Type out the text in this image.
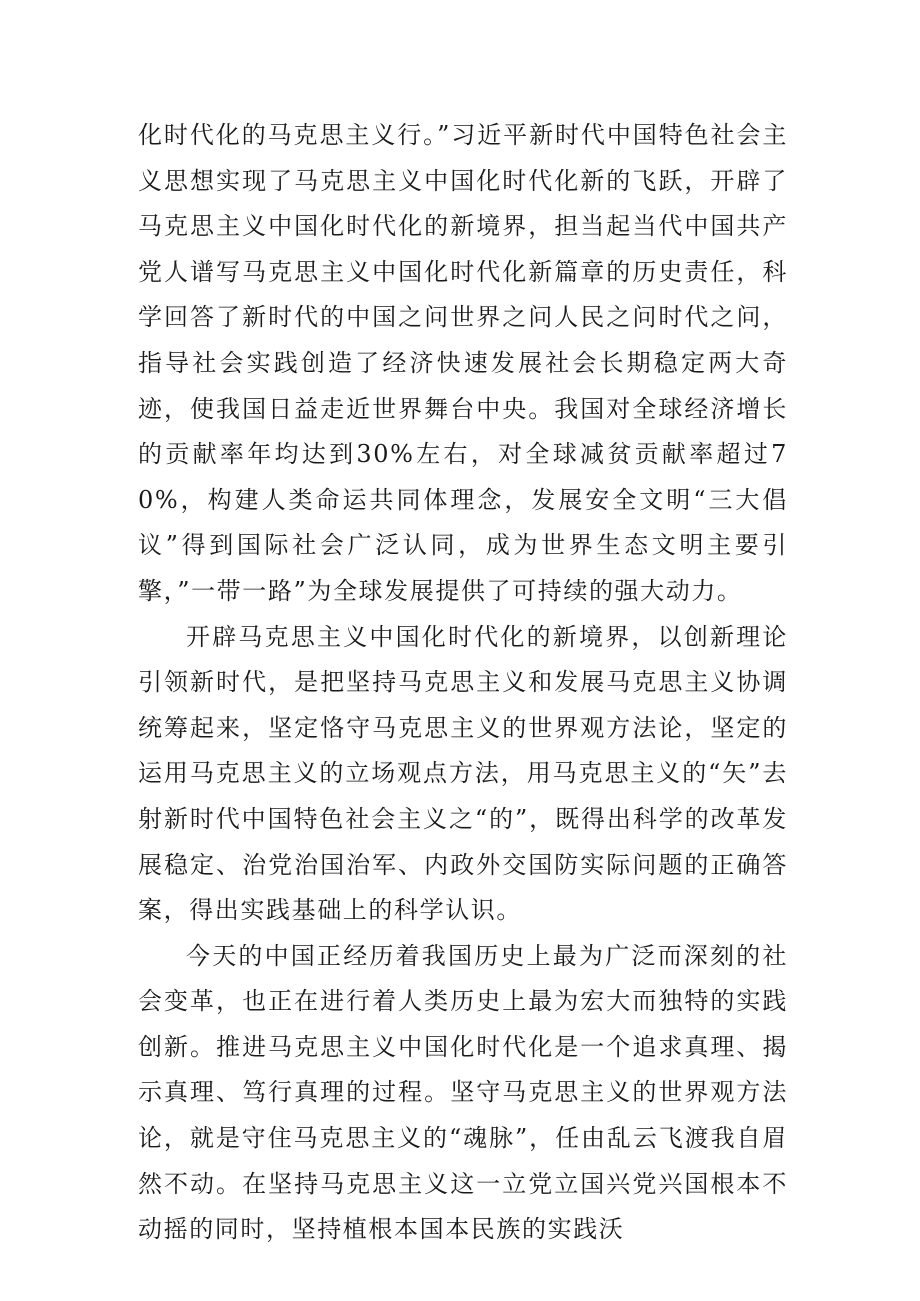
化时代化的马克思主义行。”习近平新时代中国特色社会主义思想实现了马克思主义中国化时代化新的飞跃，开辟了马克思主义中国化时代化的新境界，担当起当代中国共产党人谱写马克思主义中国化时代化新篇章的历史责任，科学回答了新时代的中国之问世界之问人民之问时代之问，指导社会实践创造了经济快速发展社会长期稳定两大奇迹，使我国日益走近世界舞台中央。我国对全球经济增长的贡献率年均达到30%左右，对全球减贫贡献率超过70%，构建人类命运共同体理念，发展安全文明“三大倡议”得到国际社会广泛认同，成为世界生态文明主要引擎，”一带一路”为全球发展提供了可持续的强大动力。

开辟马克思主义中国化时代化的新境界，以创新理论引领新时代，是把坚持马克思主义和发展马克思主义协调统筹起来，坚定恪守马克思主义的世界观方法论，坚定的运用马克思主义的立场观点方法，用马克思主义的“矢”去射新时代中国特色社会主义之“的”，既得出科学的改革发展稳定、治党治国治军、内政外交国防实际问题的正确答案，得出实践基础上的科学认识。

今天的中国正经历着我国历史上最为广泛而深刻的社会变革，也正在进行着人类历史上最为宏大而独特的实践创新。推进马克思主义中国化时代化是一个追求真理、揭示真理、笃行真理的过程。坚守马克思主义的世界观方法论，就是守住马克思主义的“魂脉”，任由乱云飞渡我自眉然不动。在坚持马克思主义这一立党立国兴党兴国根本不动摇的同时，坚持植根本国本民族的实践沃
